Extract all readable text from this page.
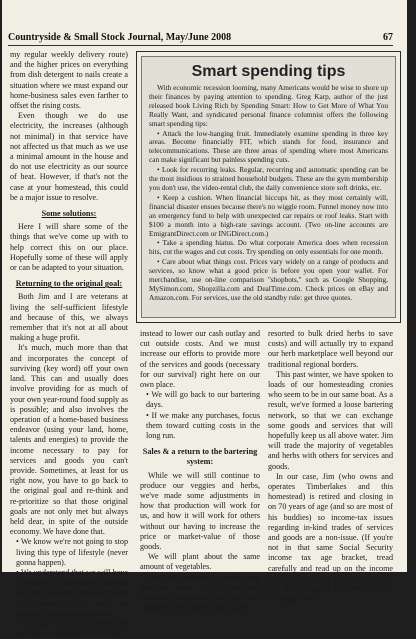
Countryside & Small Stock Journal, May/June 2008	67

my regular weekly delivery route) and the higher prices on everything from dish detergent to nails create a situation where we must expand our home-business sales even farther to offset the rising costs.

Even though we do use electricity, the increases (although not minimal) in that service have not affected us that much as we use a minimal amount in the house and do not use electricity as our source of heat. However, if that's not the case at your homestead, this could be a major issue to resolve.

Some solutions:

Here I will share some of the things that we've come up with to help correct this on our place. Hopefully some of these will apply or can be adapted to your situation.

Returning to the original goal:

Both Jim and I are veterans at living the self-sufficient lifestyle and because of this, we always remember that it's not at all about making a huge profit.

It's much, much more than that and incorporates the concept of surviving (key word) off your own land. This can and usually does involve providing for as much of your own year-round food supply as is possible; and also involves the operation of a home-based business endeavor (using your land, home, talents and energies) to provide the income necessary to pay for services and goods you can't provide. Sometimes, at least for us right now, you have to go back to the original goal and re-think and re-prioritize so that those original goals are not only met but always held dear, in spite of the outside economy. We have done that.

• We know we're not going to stop living this type of lifestyle (never gonna happen).

• We understand that we will have to modify our production plans so that the economy (however nasty it is) works for us (and our buyers), rather than against us.

• We must focus our energies less on what we produce to sell, and

Smart spending tips

With economic recession looming, many Americans would be wise to shore up their finances by paying attention to spending. Greg Karp, author of the just released book Living Rich by Spending Smart: How to Get More of What You Really Want, and syndicated personal finance columnist offers the following smart spending tips:

• Attack the low-hanging fruit. Immediately examine spending in three key areas. Become financially FIT, which stands for food, insurance and telecommunications. These are three areas of spending where most Americans can make significant but painless spending cuts.

• Look for recurring leaks. Regular, recurring and automatic spending can be the most insidious to strained household budgets. These are the gym membership you don't use, the video-rental club, the daily convenience store soft drinks, etc.

• Keep a cushion. When financial hiccups hit, as they most certainly will, financial disaster ensues because there's no wiggle room. Funnel money now into an emergency fund to help with unexpected car repairs or roof leaks. Start with $100 a month into a high-rate savings account. (Two on-line accounts are EmigrantDirect.com or INGDirect.com.)

• Take a spending hiatus. Do what corporate America does when recession hits, cut the wages and cut costs. Try spending on only essentials for one month.

• Care about what things cost. Prices vary widely on a range of products and services, so know what a good price is before you open your wallet. For merchandise, use on-line comparison "shopbots," such as Google Shopping, MySimon.com, Shopzilla.com and DealTime.com. Check prices on eBay and Amazon.com. For services, use the old standby rule: get three quotes.

instead to lower our cash outlay and cut outside costs. And we must increase our efforts to provide more of the services and goods (necessary for our survival) right here on our own place.

• We will go back to our bartering days.

• If we make any purchases, focus them toward cutting costs in the long run.

Sales & a return to the bartering system:

While we will still continue to produce our veggies and herbs, we've made some adjustments in how that production will work for us, and how it will work for others without our having to increase the price or market-value of those goods.

We will plant about the same amount of vegetables.

We will continue to market our fresh-cut herbs to our long-term restaurant customers who need and continue to buy them (many have

resorted to bulk dried herbs to save costs) and will actually try to expand our herb marketplace well beyond our traditional regional borders.

This past winter, we have spoken to loads of our homesteading cronies who seem to be in our same boat. As a result, we've formed a loose bartering network, so that we can exchange some goods and services that will hopefully keep us all above water. Jim will trade the majority of vegetables and herbs with others for services and goods.

In our case, Jim (who owns and operates Timberlakes and this homestead) is retired and closing in on 70 years of age (and so are most of his buddies) so income-tax issues regarding in-kind trades of services and goods are a non-issue. (If you're not in that same Social Security income tax age bracket, tread carefully and read up on the income tax regulations in this regard.) Jim will grow veggies and these will be exchanged with
